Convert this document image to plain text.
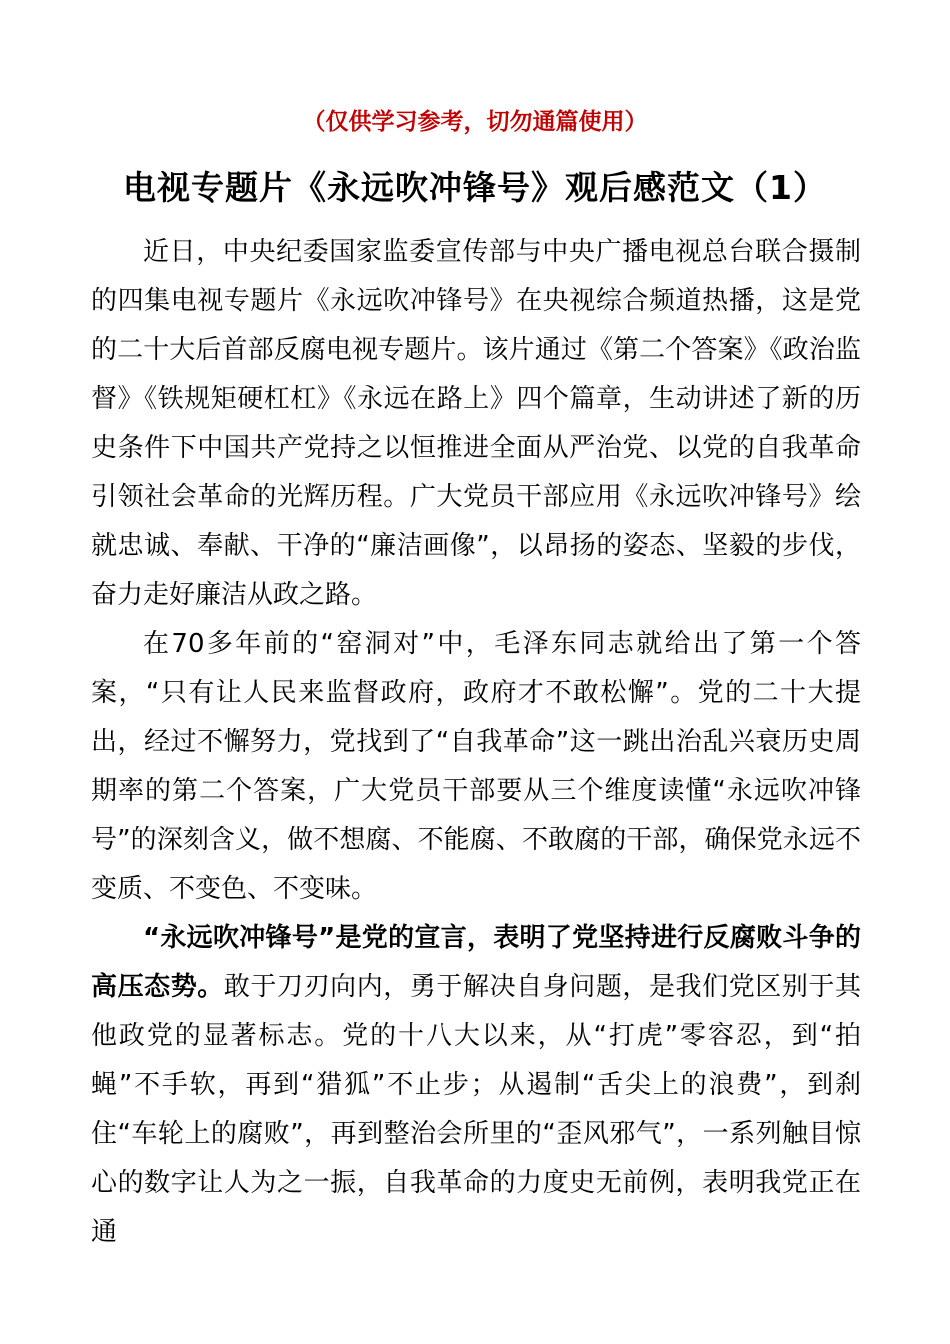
（仅供学习参考，切勿通篇使用）
电视专题片《永远吹冲锋号》观后感范文（1）

近日，中央纪委国家监委宣传部与中央广播电视总台联合摄制的四集电视专题片《永远吹冲锋号》在央视综合频道热播，这是党的二十大后首部反腐电视专题片。该片通过《第二个答案》《政治监督》《铁规矩硬杠杠》《永远在路上》四个篇章，生动讲述了新的历史条件下中国共产党持之以恒推进全面从严治党、以党的自我革命引领社会革命的光辉历程。广大党员干部应用《永远吹冲锋号》绘就忠诚、奉献、干净的“廉洁画像”，以昂扬的姿态、坚毅的步伐，奋力走好廉洁从政之路。

在70多年前的“窑洞对”中，毛泽东同志就给出了第一个答案，“只有让人民来监督政府，政府才不敢松懈”。党的二十大提出，经过不懈努力，党找到了“自我革命”这一跳出治乱兴衰历史周期率的第二个答案，广大党员干部要从三个维度读懂“永远吹冲锋号”的深刻含义，做不想腐、不能腐、不敢腐的干部，确保党永远不变质、不变色、不变味。

“永远吹冲锋号”是党的宣言，表明了党坚持进行反腐败斗争的高压态势。敢于刀刃向内，勇于解决自身问题，是我们党区别于其他政党的显著标志。党的十八大以来，从“打虎”零容忍，到“拍蝇”不手软，再到“猎狐”不止步；从遏制“舌尖上的浪费”，到刹住“车轮上的腐败”，再到整治会所里的“歪风邪气”，一系列触目惊心的数字让人为之一振，自我革命的力度史无前例，表明我党正在通
